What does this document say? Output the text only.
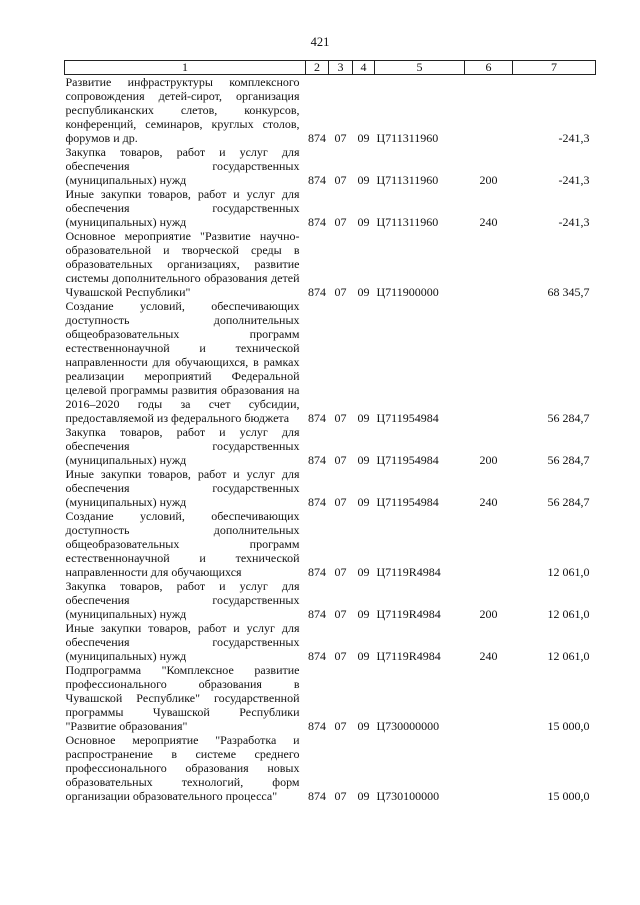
421
1	2	3	4	5	6	7
Развитие инфраструктуры комплексного сопровождения детей-сирот, организация республиканских слетов, конкурсов, конференций, семинаров, круглых столов, форумов и др.	874	07	09	Ц711311960		-241,3
Закупка товаров, работ и услуг для обеспечения государственных (муниципальных) нужд	874	07	09	Ц711311960	200	-241,3
Иные закупки товаров, работ и услуг для обеспечения государственных (муниципальных) нужд	874	07	09	Ц711311960	240	-241,3
Основное мероприятие "Развитие научно-образовательной и творческой среды в образовательных организациях, развитие системы дополнительного образования детей Чувашской Республики"	874	07	09	Ц711900000		68 345,7
Создание условий, обеспечивающих доступность дополнительных общеобразовательных программ естественнонаучной и технической направленности для обучающихся, в рамках реализации мероприятий Федеральной целевой программы развития образования на 2016–2020 годы за счет субсидии, предоставляемой из федерального бюджета	874	07	09	Ц711954984		56 284,7
Закупка товаров, работ и услуг для обеспечения государственных (муниципальных) нужд	874	07	09	Ц711954984	200	56 284,7
Иные закупки товаров, работ и услуг для обеспечения государственных (муниципальных) нужд	874	07	09	Ц711954984	240	56 284,7
Создание условий, обеспечивающих доступность дополнительных общеобразовательных программ естественнонаучной и технической направленности для обучающихся	874	07	09	Ц7119R4984		12 061,0
Закупка товаров, работ и услуг для обеспечения государственных (муниципальных) нужд	874	07	09	Ц7119R4984	200	12 061,0
Иные закупки товаров, работ и услуг для обеспечения государственных (муниципальных) нужд	874	07	09	Ц7119R4984	240	12 061,0
Подпрограмма "Комплексное развитие профессионального образования в Чувашской Республике" государственной программы Чувашской Республики "Развитие образования"	874	07	09	Ц730000000		15 000,0
Основное мероприятие "Разработка и распространение в системе среднего профессионального образования новых образовательных технологий, форм организации образовательного процесса"	874	07	09	Ц730100000		15 000,0
